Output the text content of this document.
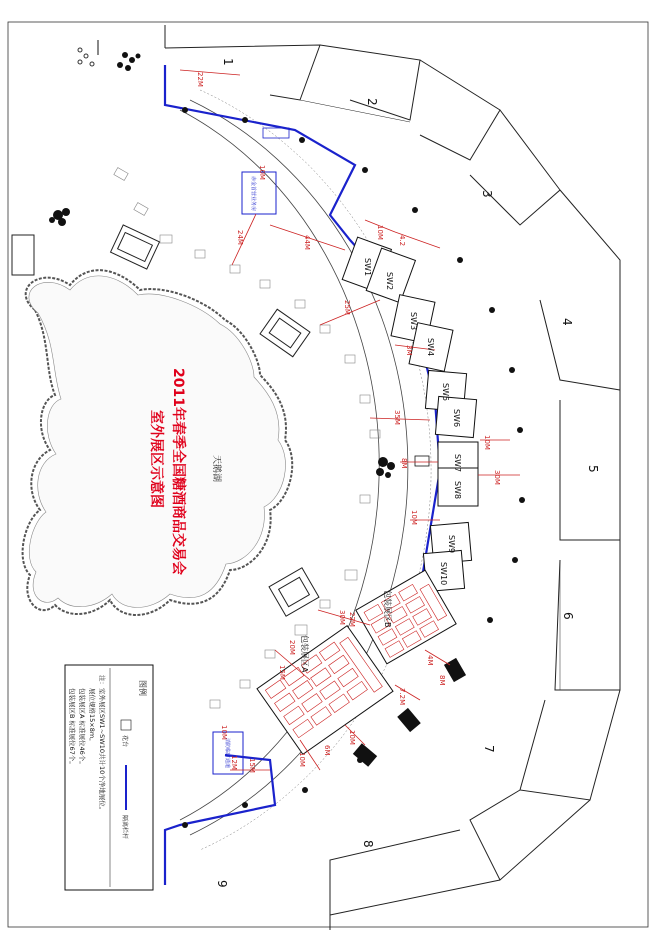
22M
10M
24M	44M
10M
4.2
25M
3M
35M
10M
8M
30M
10M
30M
15M
4M
22M
20M
8M
7.2M
10M
6M
10M
15M
10M
12M
1
2
3
4
5
6
7
8
9
SW1
SW2
SW3
SW4
SW5
SW6
SW7
SW8
SW9
SW10
包装展区B
包装展区A
赤金首营业务房
消防临时通道
天鹅湖
2011年春季全国糖酒商品交易会
室外展区示意图
图例
花台
隔离栏杆
注：
室外展区SW1~SW10共计10个净地展位。
展位规格15×8m。
包装展区A 标准展位46个。
包装展区B 标准展位67个。
